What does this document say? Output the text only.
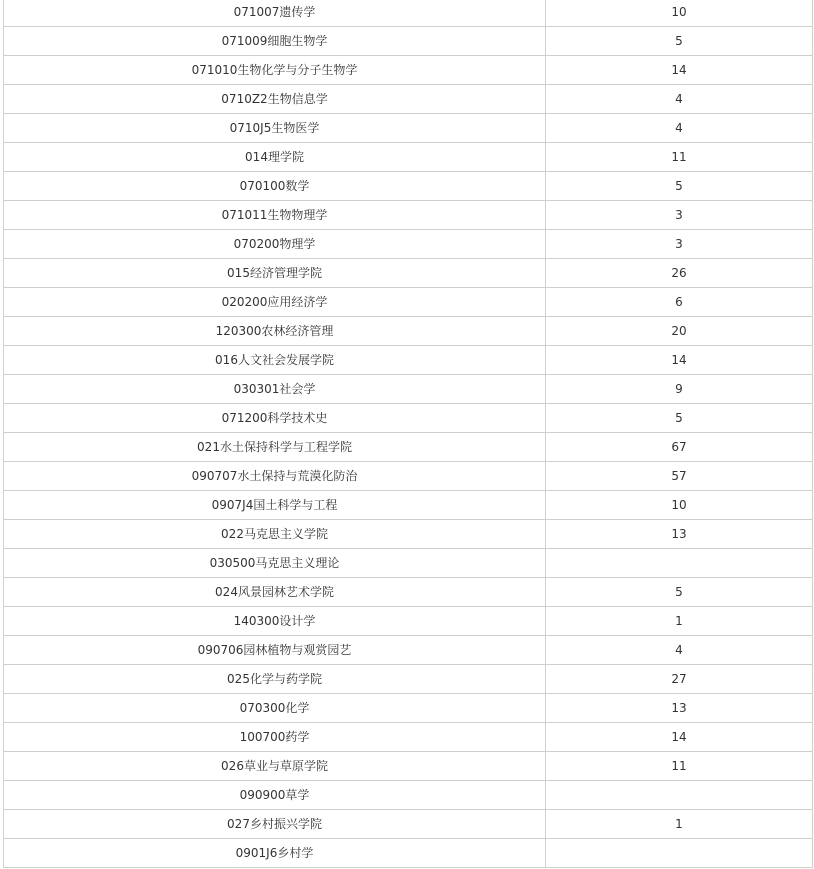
071007遗传学	10
071009细胞生物学	5
071010生物化学与分子生物学	14
0710Z2生物信息学	4
0710J5生物医学	4
014理学院	11
070100数学	5
071011生物物理学	3
070200物理学	3
015经济管理学院	26
020200应用经济学	6
120300农林经济管理	20
016人文社会发展学院	14
030301社会学	9
071200科学技术史	5
021水土保持科学与工程学院	67
090707水土保持与荒漠化防治	57
0907J4国土科学与工程	10
022马克思主义学院	13
030500马克思主义理论	
024风景园林艺术学院	5
140300设计学	1
090706园林植物与观赏园艺	4
025化学与药学院	27
070300化学	13
100700药学	14
026草业与草原学院	11
090900草学	
027乡村振兴学院	1
0901J6乡村学	
